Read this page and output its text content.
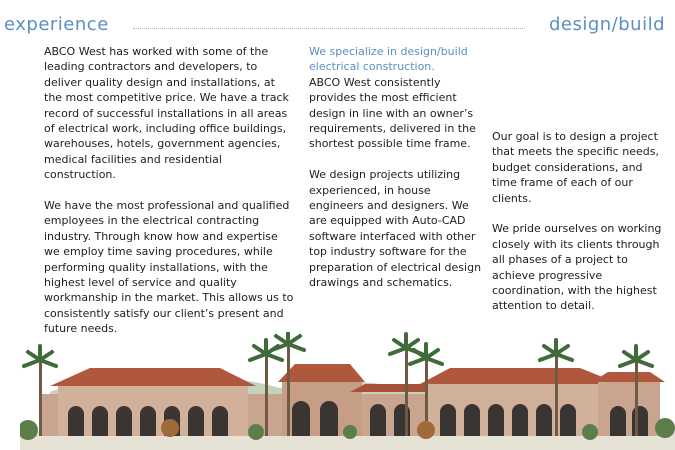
experience	design/build

ABCO West has worked with some of the leading contractors and developers, to deliver quality design and installations, at the most competitive price. We have a track record of successful installations in all areas of electrical work, including office buildings, warehouses, hotels, government agencies, medical facilities and residential construction.

We have the most professional and qualified employees in the electrical contracting industry. Through know how and expertise we employ time saving procedures, while performing quality installations, with the highest level of service and quality workmanship in the market. This allows us to consistently satisfy our client’s present and future needs.

We specialize in design/build electrical construction.

ABCO West consistently provides the most efficient design in line with an owner’s requirements, delivered in the shortest possible time frame.

We design projects utilizing experienced, in house engineers and designers. We are equipped with Auto-CAD software interfaced with other top industry software for the preparation of electrical design drawings and schematics.

Our goal is to design a project that meets the specific needs, budget considerations, and time frame of each of our clients.

We pride ourselves on working closely with its clients through all phases of a project to achieve progressive coordination, with the highest attention to detail.
